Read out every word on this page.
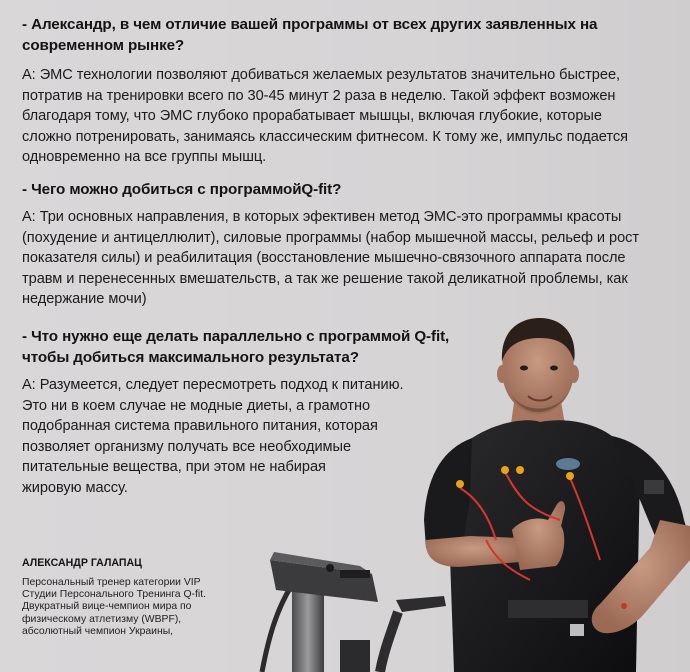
- Александр, в чем отличие вашей программы от всех других заявленных на
современном рынке?

А: ЭМС технологии позволяют добиваться желаемых результатов значительно быстрее,
потратив на тренировки всего по 30-45 минут 2 раза в неделю. Такой эффект возможен
благодаря тому, что ЭМС глубоко прорабатывает мышцы, включая глубокие, которые
сложно потренировать, занимаясь классическим фитнесом. К тому же, импульс подается
одновременно на все группы мышц.

- Чего можно добиться с программойQ-fit?

А: Три основных направления, в которых эфективен метод ЭМС-это программы красоты
(похудение и антицеллюлит), силовые программы (набор мышечной массы, рельеф и рост
показателя силы) и реабилитация (восстановление мышечно-связочного аппарата после
травм и перенесенных вмешательств, а так же решение такой деликатной проблемы, как
недержание мочи)

- Что нужно еще делать параллельно с программой Q-fit,
чтобы добиться максимального результата?

А: Разумеется, следует пересмотреть подход к питанию.
Это ни в коем случае не модные диеты, а грамотно
подобранная система правильного питания, которая
позволяет организму получать все необходимые
питательные вещества, при этом не набирая
жировую массу.

АЛЕКСАНДР ГАЛАПАЦ

Персональный тренер категории VIP
Студии Персонального Тренинга Q-fit.
Двукратный вице-чемпион мира по
физическому атлетизму (WBPF),
абсолютный чемпион Украины,
